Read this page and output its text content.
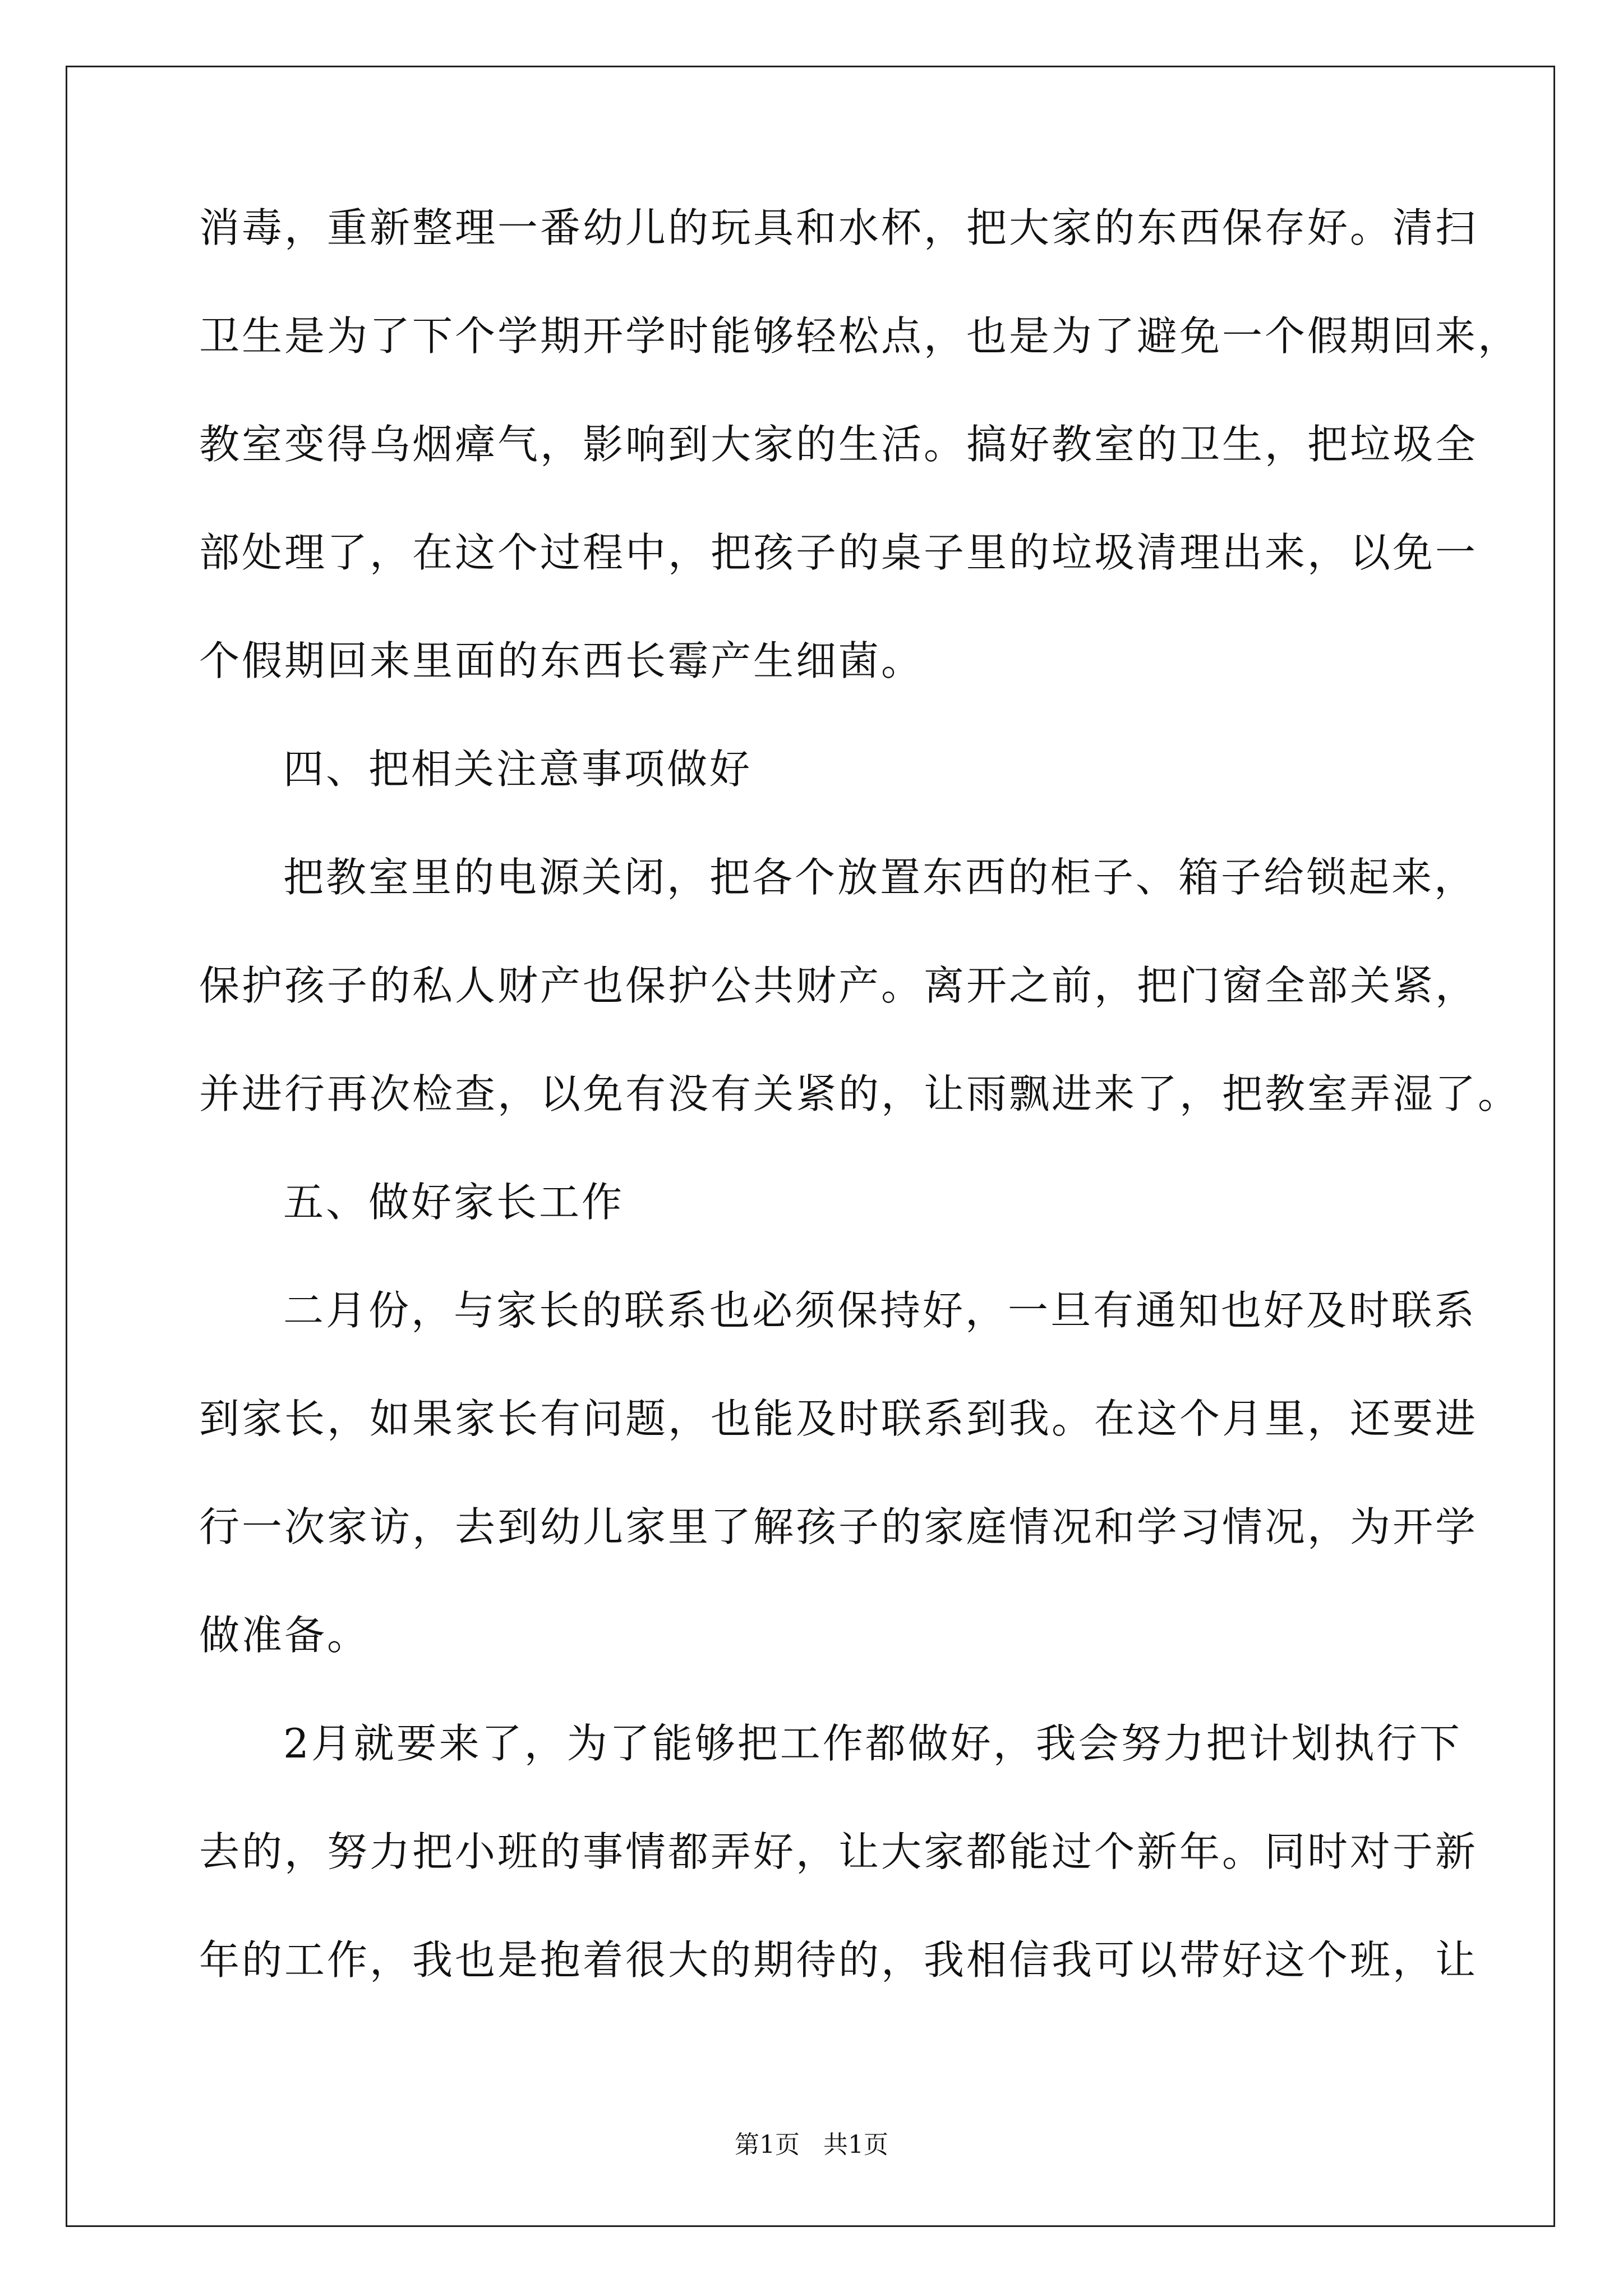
消毒，重新整理一番幼儿的玩具和水杯，把大家的东西保存好。清扫
卫生是为了下个学期开学时能够轻松点，也是为了避免一个假期回来，
教室变得乌烟瘴气，影响到大家的生活。搞好教室的卫生，把垃圾全
部处理了，在这个过程中，把孩子的桌子里的垃圾清理出来，以免一
个假期回来里面的东西长霉产生细菌。
四、把相关注意事项做好
把教室里的电源关闭，把各个放置东西的柜子、箱子给锁起来，
保护孩子的私人财产也保护公共财产。离开之前，把门窗全部关紧，
并进行再次检查，以免有没有关紧的，让雨飘进来了，把教室弄湿了。
五、做好家长工作
二月份，与家长的联系也必须保持好，一旦有通知也好及时联系
到家长，如果家长有问题，也能及时联系到我。在这个月里，还要进
行一次家访，去到幼儿家里了解孩子的家庭情况和学习情况，为开学
做准备。
2月就要来了，为了能够把工作都做好，我会努力把计划执行下
去的，努力把小班的事情都弄好，让大家都能过个新年。同时对于新
年的工作，我也是抱着很大的期待的，我相信我可以带好这个班，让
第1页   共1页
